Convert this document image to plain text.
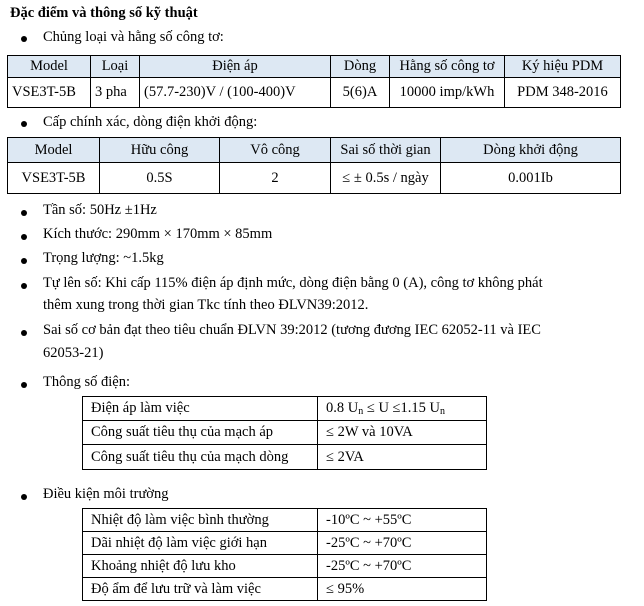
Đặc điểm và thông số kỹ thuật
Chủng loại và hằng số công tơ:
Model	Loại	Điện áp	Dòng	Hằng số công tơ	Ký hiệu PDM
VSE3T-5B	3 pha	(57.7-230)V / (100-400)V	5(6)A	10000 imp/kWh	PDM 348-2016
Cấp chính xác, dòng điện khởi động:
Model	Hữu công	Vô công	Sai số thời gian	Dòng khởi động
VSE3T-5B	0.5S	2	≤ ± 0.5s / ngày	0.001Ib
Tần số: 50Hz ±1Hz
Kích thước: 290mm × 170mm × 85mm
Trọng lượng: ~1.5kg
Tự lên số: Khi cấp 115% điện áp định mức, dòng điện bằng 0 (A), công tơ không phát
thêm xung trong thời gian Tkc tính theo ĐLVN39:2012.
Sai số cơ bản đạt theo tiêu chuẩn ĐLVN 39:2012 (tương đương IEC 62052-11 và IEC
62053-21)
Thông số điện:
Điện áp làm việc	0.8 $U_n \le U \le 1.15$ $U_n$
Công suất tiêu thụ của mạch áp	≤ 2W và 10VA
Công suất tiêu thụ của mạch dòng	≤ 2VA
Điều kiện môi trường
Nhiệt độ làm việc bình thường	-10ºC ~ +55ºC
Dãi nhiệt độ làm việc giới hạn	-25ºC ~ +70ºC
Khoảng nhiệt độ lưu kho	-25ºC ~ +70ºC
Độ ẩm để lưu trữ và làm việc	≤ 95%
